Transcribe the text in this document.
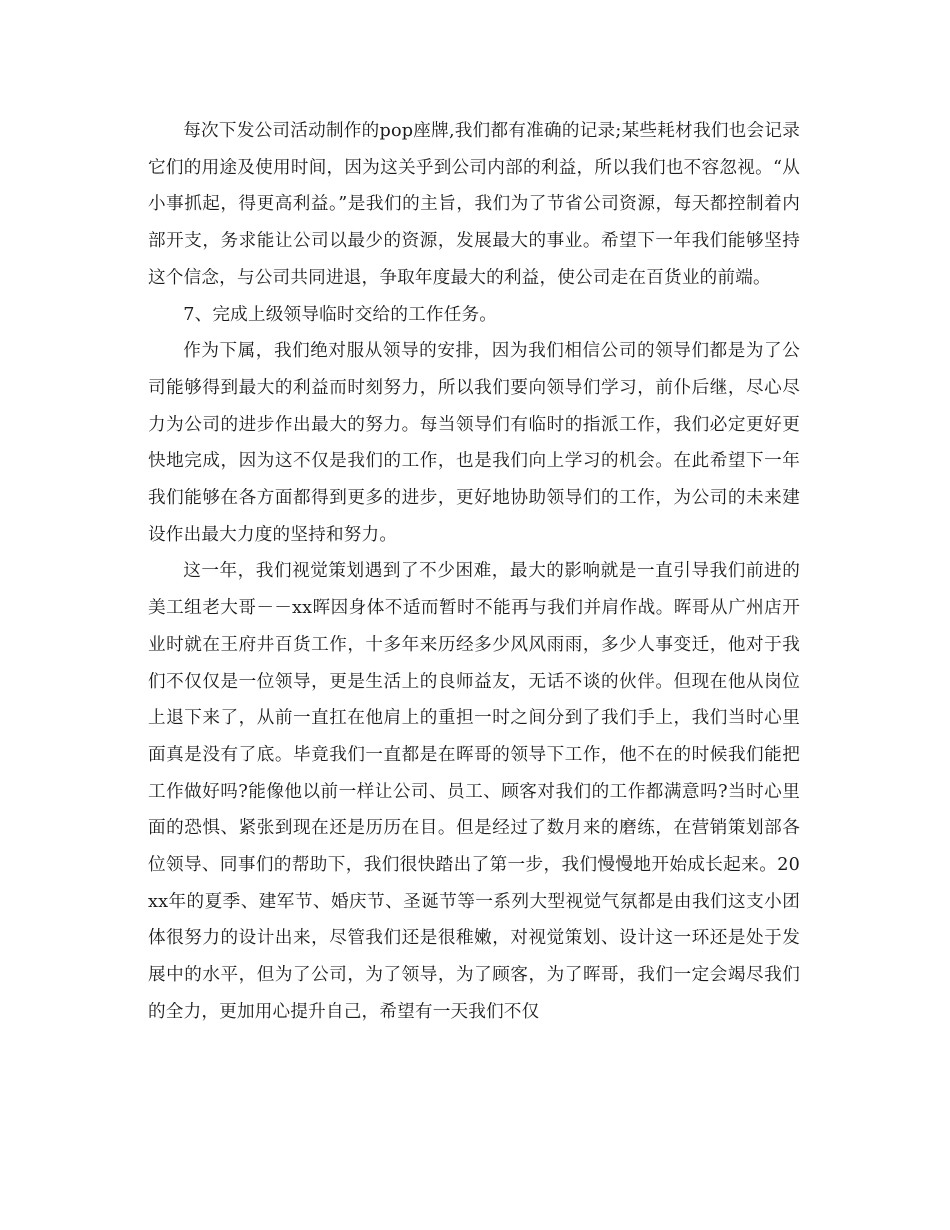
每次下发公司活动制作的pop座牌,我们都有准确的记录;某些耗材我们也会记录它们的用途及使用时间，因为这关乎到公司内部的利益，所以我们也不容忽视。“从小事抓起，得更高利益。”是我们的主旨，我们为了节省公司资源，每天都控制着内部开支，务求能让公司以最少的资源，发展最大的事业。希望下一年我们能够坚持这个信念，与公司共同进退，争取年度最大的利益，使公司走在百货业的前端。

7、完成上级领导临时交给的工作任务。

作为下属，我们绝对服从领导的安排，因为我们相信公司的领导们都是为了公司能够得到最大的利益而时刻努力，所以我们要向领导们学习，前仆后继，尽心尽力为公司的进步作出最大的努力。每当领导们有临时的指派工作，我们必定更好更快地完成，因为这不仅是我们的工作，也是我们向上学习的机会。在此希望下一年我们能够在各方面都得到更多的进步，更好地协助领导们的工作，为公司的未来建设作出最大力度的坚持和努力。

这一年，我们视觉策划遇到了不少困难，最大的影响就是一直引导我们前进的美工组老大哥－－xx晖因身体不适而暂时不能再与我们并肩作战。晖哥从广州店开业时就在王府井百货工作，十多年来历经多少风风雨雨，多少人事变迁，他对于我们不仅仅是一位领导，更是生活上的良师益友，无话不谈的伙伴。但现在他从岗位上退下来了，从前一直扛在他肩上的重担一时之间分到了我们手上，我们当时心里面真是没有了底。毕竟我们一直都是在晖哥的领导下工作，他不在的时候我们能把工作做好吗?能像他以前一样让公司、员工、顾客对我们的工作都满意吗?当时心里面的恐惧、紧张到现在还是历历在目。但是经过了数月来的磨练，在营销策划部各位领导、同事们的帮助下，我们很快踏出了第一步，我们慢慢地开始成长起来。20xx年的夏季、建军节、婚庆节、圣诞节等一系列大型视觉气氛都是由我们这支小团体很努力的设计出来，尽管我们还是很稚嫩，对视觉策划、设计这一环还是处于发展中的水平，但为了公司，为了领导，为了顾客，为了晖哥，我们一定会竭尽我们的全力，更加用心提升自己，希望有一天我们不仅
